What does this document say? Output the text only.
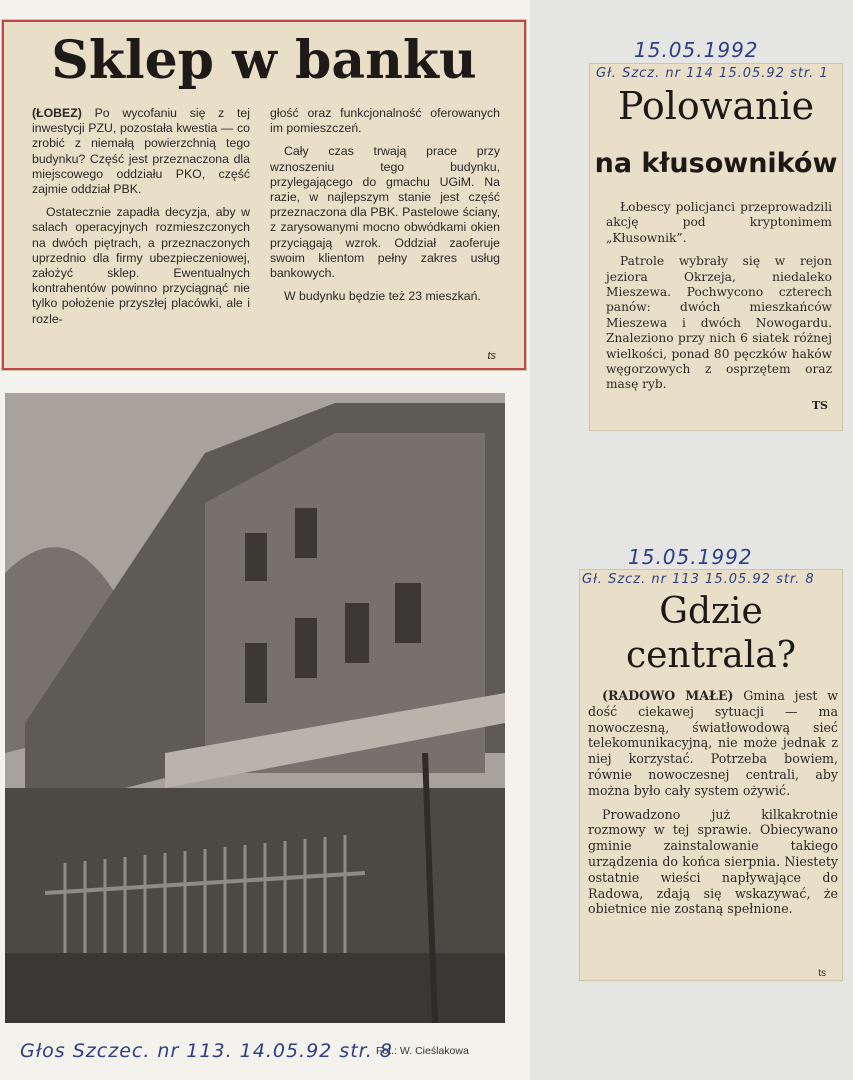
Sklep w banku

(ŁOBEZ) Po wycofaniu się z tej inwestycji PZU, pozostała kwestia — co zrobić z niemałą powierzchnią tego budynku? Część jest przeznaczona dla miejscowego oddziału PKO, część zajmie oddział PBK.

Ostatecznie zapadła decyzja, aby w salach operacyjnych rozmieszczonych na dwóch piętrach, a przeznaczonych uprzednio dla firmy ubezpieczeniowej, założyć sklep. Ewentualnych kontrahentów powinno przyciągnąć nie tylko położenie przyszłej placówki, ale i rozle-

głość oraz funkcjonalność oferowanych im pomieszczeń.

Cały czas trwają prace przy wznoszeniu tego budynku, przylegającego do gmachu UGiM. Na razie, w najlepszym stanie jest część przeznaczona dla PBK. Pastelowe ściany, z zarysowanymi mocno obwódkami okien przyciągają wzrok. Oddział zaoferuje swoim klientom pełny zakres usług bankowych.

W budynku będzie też 23 mieszkań.

ts
Fot.: W. Cieślakowa
Głos Szczec. nr 113. 14.05.92 str. 8
15.05.1992
Gł. Szcz. nr 114 15.05.92 str. 1
Polowanie
na kłusowników

Łobescy policjanci przeprowadzili akcję pod kryptonimem „Kłusownik”.

Patrole wybrały się w rejon jeziora Okrzeja, niedaleko Mieszewa. Pochwycono czterech panów: dwóch mieszkańców Mieszewa i dwóch Nowogardu. Znaleziono przy nich 6 siatek różnej wielkości, ponad 80 pęczków haków węgorzowych z osprzętem oraz masę ryb.

TS
15.05.1992
Gł. Szcz. nr 113 15.05.92 str. 8
Gdzie
centrala?

(RADOWO MAŁE) Gmina jest w dość ciekawej sytuacji — ma nowoczesną, światłowodową sieć telekomunikacyjną, nie może jednak z niej korzystać. Potrzeba bowiem, równie nowoczesnej centrali, aby można było cały system ożywić.

Prowadzono już kilkakrotnie rozmowy w tej sprawie. Obiecywano gminie zainstalowanie takiego urządzenia do końca sierpnia. Niestety ostatnie wieści napływające do Radowa, zdają się wskazywać, że obietnice nie zostaną spełnione.

ts
